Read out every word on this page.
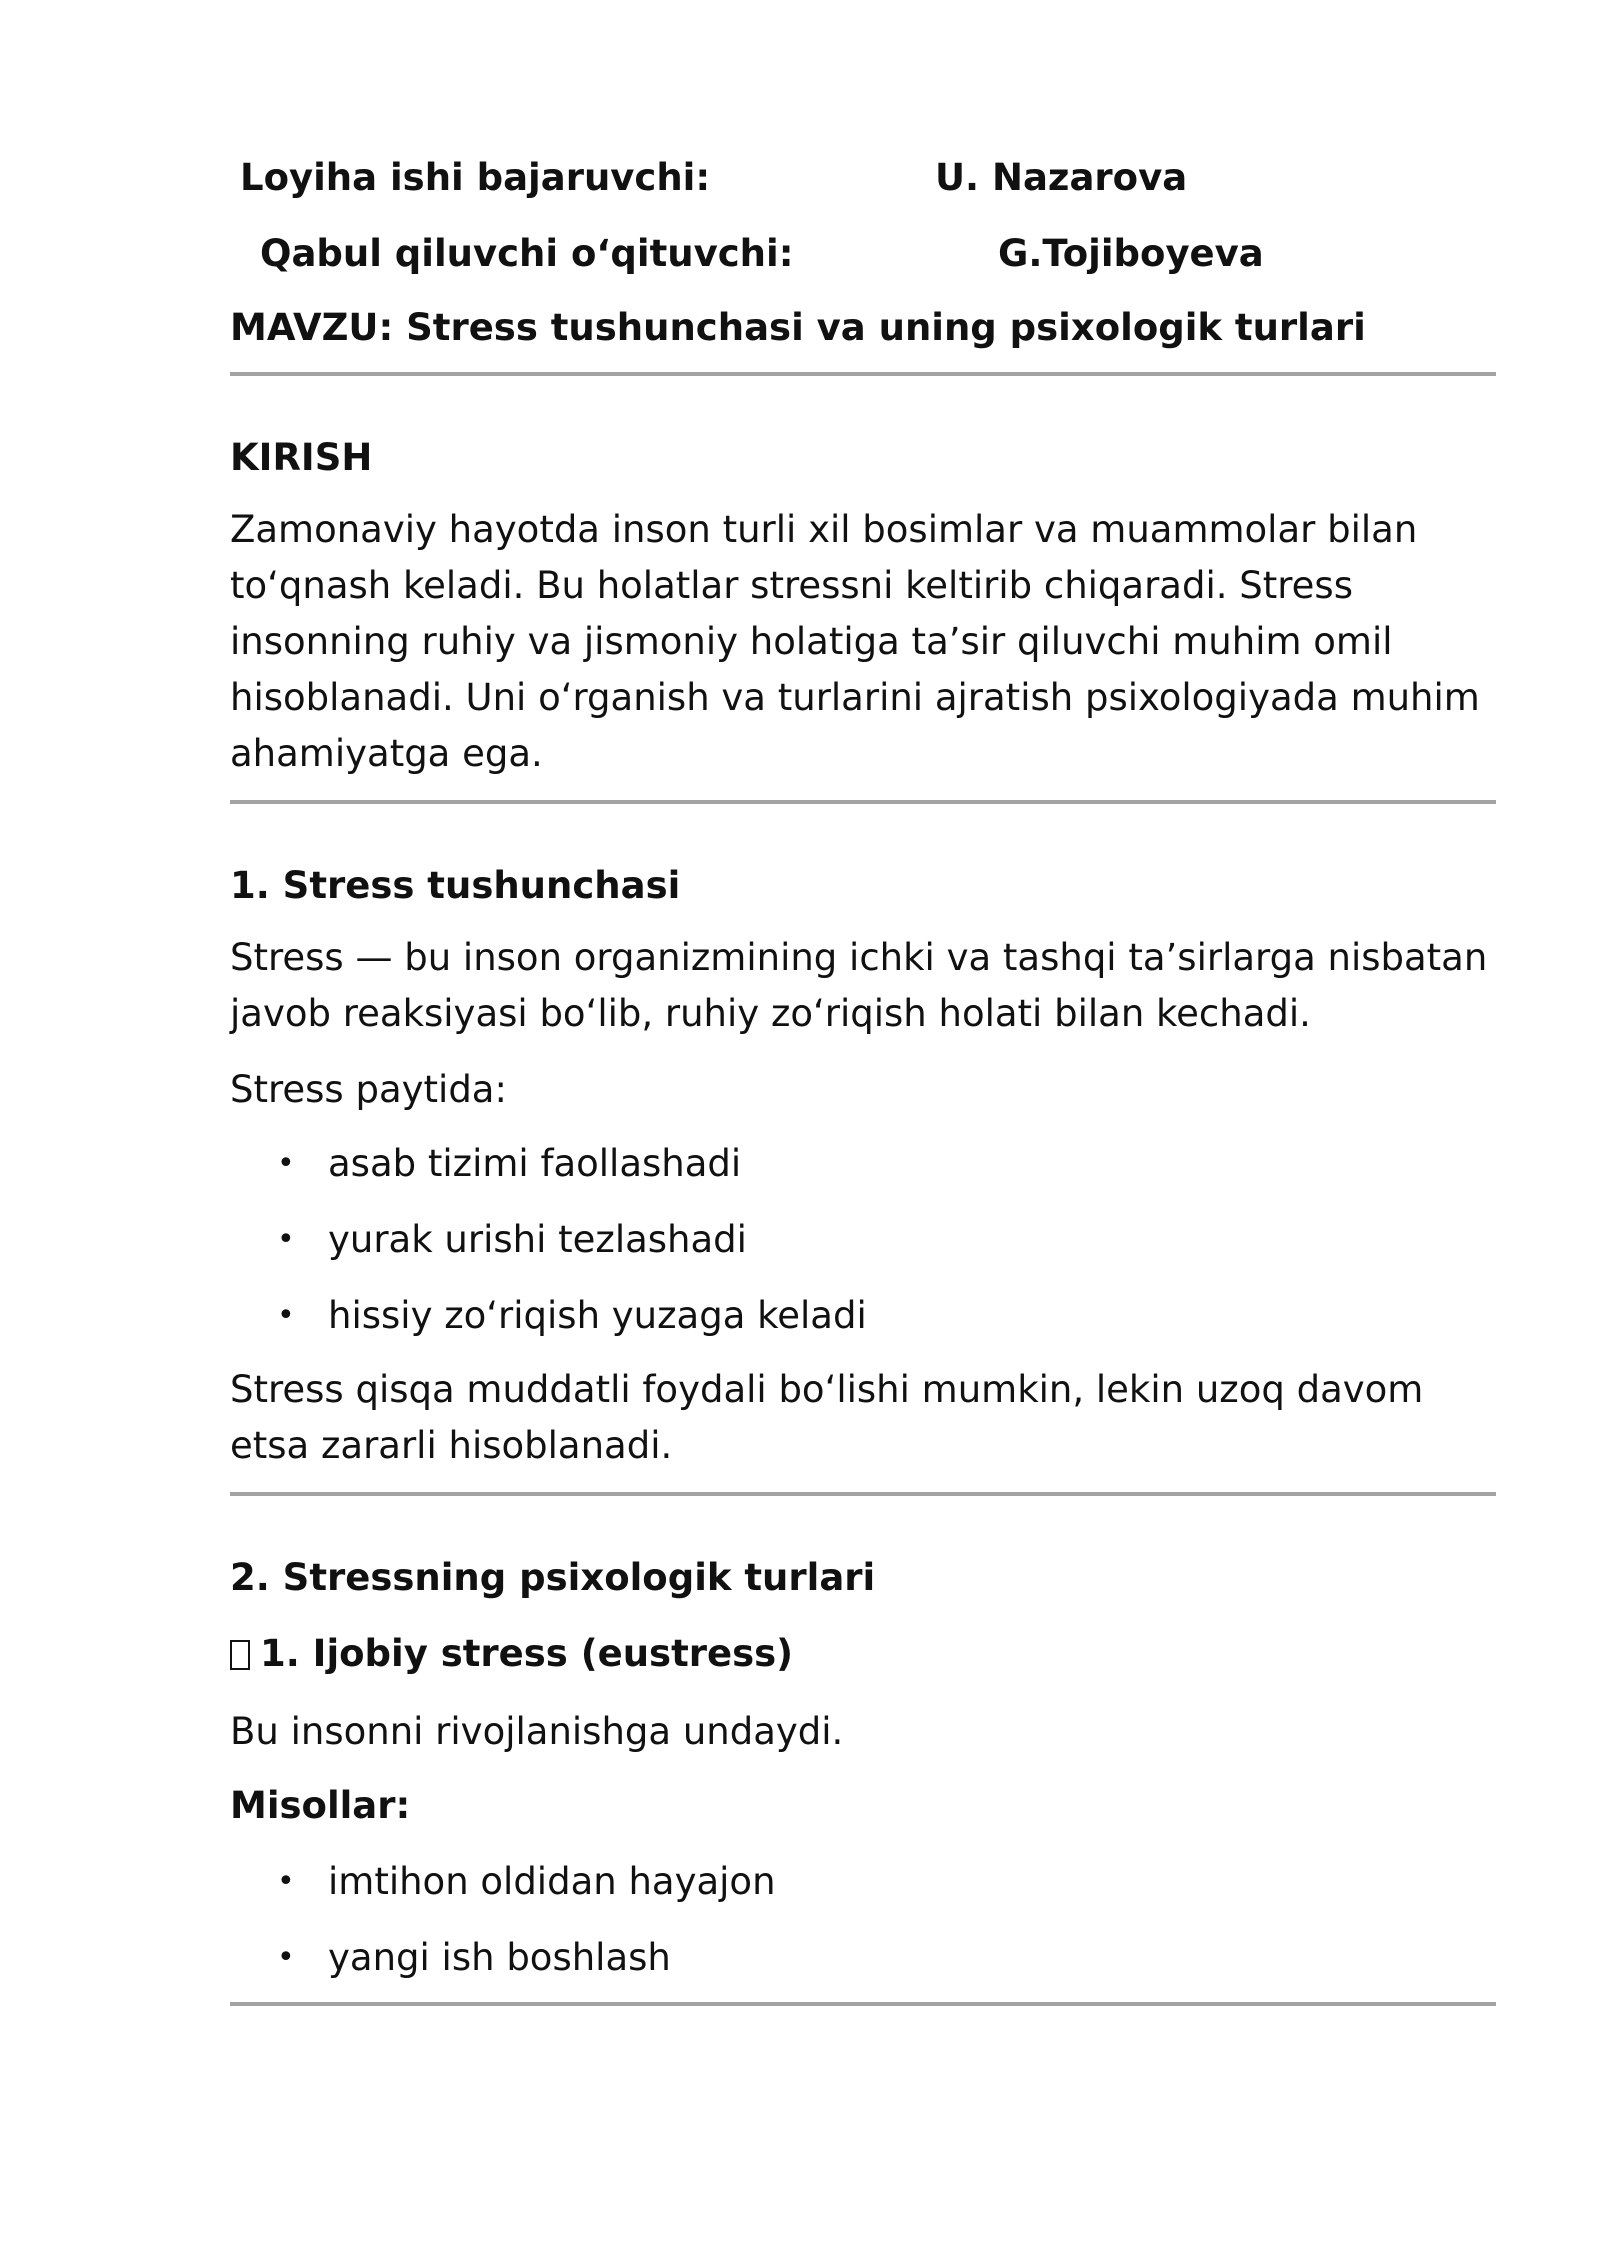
Loyiha ishi bajaruvchi:	U. Nazarova
Qabul qiluvchi o‘qituvchi:	G.Tojiboyeva
MAVZU: Stress tushunchasi va uning psixologik turlari

KIRISH

Zamonaviy hayotda inson turli xil bosimlar va muammolar bilan to‘qnash keladi. Bu holatlar stressni keltirib chiqaradi. Stress insonning ruhiy va jismoniy holatiga ta’sir qiluvchi muhim omil hisoblanadi. Uni o‘rganish va turlarini ajratish psixologiyada muhim ahamiyatga ega.

1. Stress tushunchasi

Stress — bu inson organizmining ichki va tashqi ta’sirlarga nisbatan javob reaksiyasi bo‘lib, ruhiy zo‘riqish holati bilan kechadi.

Stress paytida:

• asab tizimi faollashadi
• yurak urishi tezlashadi
• hissiy zo‘riqish yuzaga keladi

Stress qisqa muddatli foydali bo‘lishi mumkin, lekin uzoq davom etsa zararli hisoblanadi.

2. Stressning psixologik turlari

1. Ijobiy stress (eustress)

Bu insonni rivojlanishga undaydi.

Misollar:

• imtihon oldidan hayajon
• yangi ish boshlash
